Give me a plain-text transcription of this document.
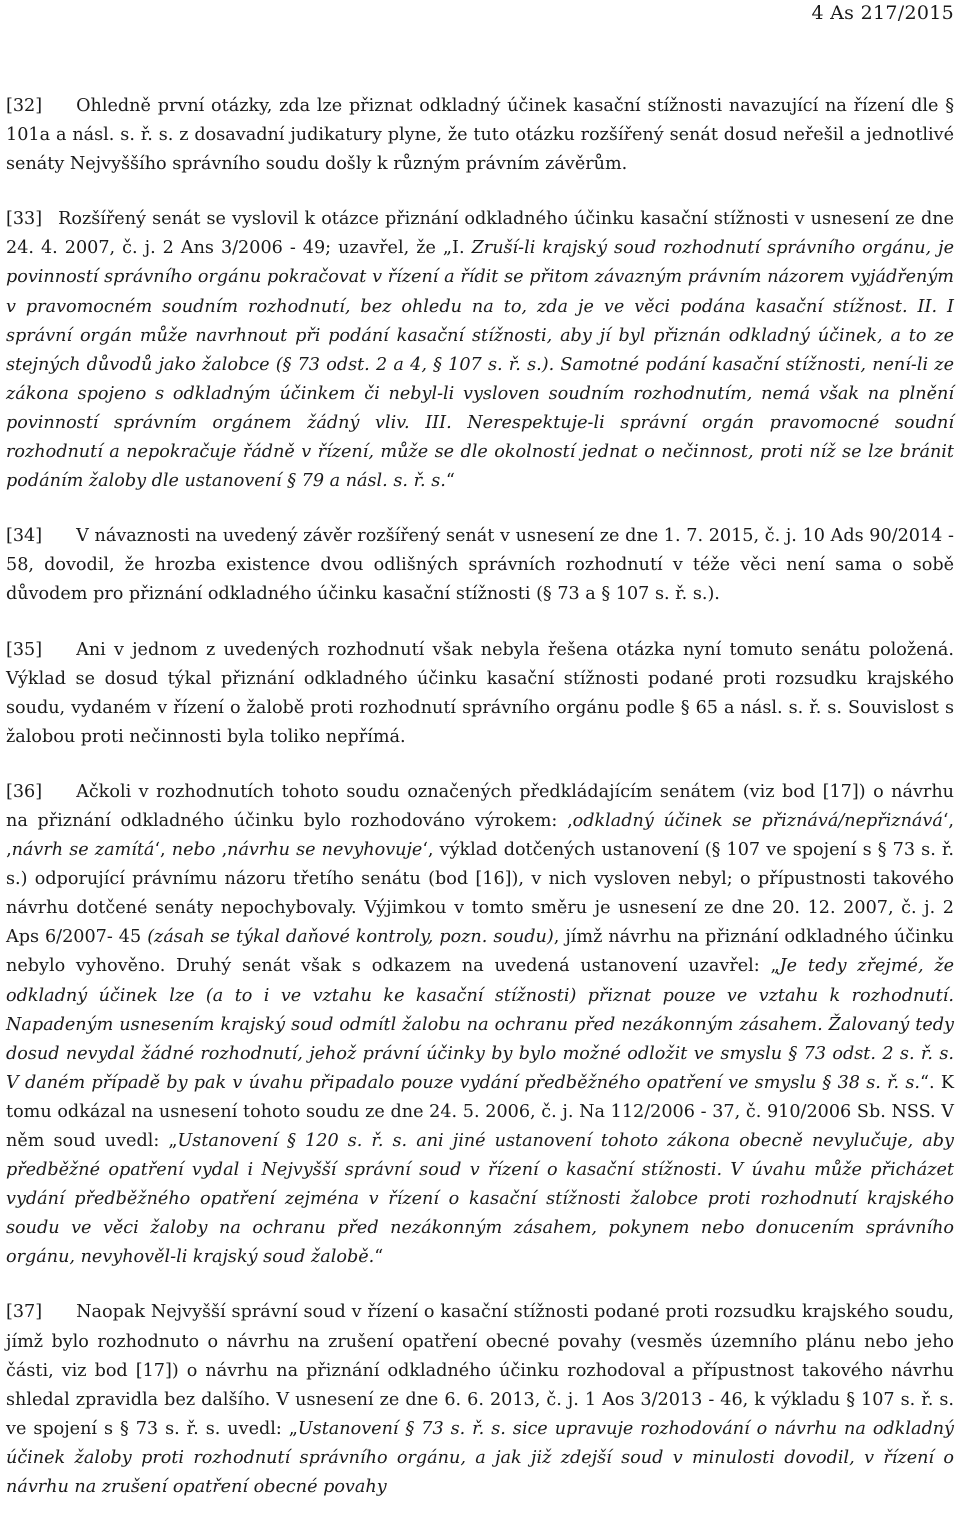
4 As 217/2015

[32] Ohledně první otázky, zda lze přiznat odkladný účinek kasační stížnosti navazující na řízení dle § 101a a násl. s. ř. s. z dosavadní judikatury plyne, že tuto otázku rozšířený senát dosud neřešil a jednotlivé senáty Nejvyššího správního soudu došly k různým právním závěrům.

[33] Rozšířený senát se vyslovil k otázce přiznání odkladného účinku kasační stížnosti v usnesení ze dne 24. 4. 2007, č. j. 2 Ans 3/2006 - 49; uzavřel, že „I. Zruší-li krajský soud rozhodnutí správního orgánu, je povinností správního orgánu pokračovat v řízení a řídit se přitom závazným právním názorem vyjádřeným v pravomocném soudním rozhodnutí, bez ohledu na to, zda je ve věci podána kasační stížnost. II. I správní orgán může navrhnout při podání kasační stížnosti, aby jí byl přiznán odkladný účinek, a to ze stejných důvodů jako žalobce (§ 73 odst. 2 a 4, § 107 s. ř. s.). Samotné podání kasační stížnosti, není-li ze zákona spojeno s odkladným účinkem či nebyl-li vysloven soudním rozhodnutím, nemá však na plnění povinností správním orgánem žádný vliv. III. Nerespektuje-li správní orgán pravomocné soudní rozhodnutí a nepokračuje řádně v řízení, může se dle okolností jednat o nečinnost, proti níž se lze bránit podáním žaloby dle ustanovení § 79 a násl. s. ř. s.“

[34] V návaznosti na uvedený závěr rozšířený senát v usnesení ze dne 1. 7. 2015, č. j. 10 Ads 90/2014 - 58, dovodil, že hrozba existence dvou odlišných správních rozhodnutí v téže věci není sama o sobě důvodem pro přiznání odkladného účinku kasační stížnosti (§ 73 a § 107 s. ř. s.).

[35] Ani v jednom z uvedených rozhodnutí však nebyla řešena otázka nyní tomuto senátu položená. Výklad se dosud týkal přiznání odkladného účinku kasační stížnosti podané proti rozsudku krajského soudu, vydaném v řízení o žalobě proti rozhodnutí správního orgánu podle § 65 a násl. s. ř. s. Souvislost s žalobou proti nečinnosti byla toliko nepřímá.

[36] Ačkoli v rozhodnutích tohoto soudu označených předkládajícím senátem (viz bod [17]) o návrhu na přiznání odkladného účinku bylo rozhodováno výrokem: ‚odkladný účinek se přiznává/nepřiznává‘, ‚návrh se zamítá‘, nebo ‚návrhu se nevyhovuje‘, výklad dotčených ustanovení (§ 107 ve spojení s § 73 s. ř. s.) odporující právnímu názoru třetího senátu (bod [16]), v nich vysloven nebyl; o přípustnosti takového návrhu dotčené senáty nepochybovaly. Výjimkou v tomto směru je usnesení ze dne 20. 12. 2007, č. j. 2 Aps 6/2007- 45 (zásah se týkal daňové kontroly, pozn. soudu), jímž návrhu na přiznání odkladného účinku nebylo vyhověno. Druhý senát však s odkazem na uvedená ustanovení uzavřel: „Je tedy zřejmé, že odkladný účinek lze (a to i ve vztahu ke kasační stížnosti) přiznat pouze ve vztahu k rozhodnutí. Napadeným usnesením krajský soud odmítl žalobu na ochranu před nezákonným zásahem. Žalovaný tedy dosud nevydal žádné rozhodnutí, jehož právní účinky by bylo možné odložit ve smyslu § 73 odst. 2 s. ř. s. V daném případě by pak v úvahu připadalo pouze vydání předběžného opatření ve smyslu § 38 s. ř. s.“. K tomu odkázal na usnesení tohoto soudu ze dne 24. 5. 2006, č. j. Na 112/2006 - 37, č. 910/2006 Sb. NSS. V něm soud uvedl: „Ustanovení § 120 s. ř. s. ani jiné ustanovení tohoto zákona obecně nevylučuje, aby předběžné opatření vydal i Nejvyšší správní soud v řízení o kasační stížnosti. V úvahu může přicházet vydání předběžného opatření zejména v řízení o kasační stížnosti žalobce proti rozhodnutí krajského soudu ve věci žaloby na ochranu před nezákonným zásahem, pokynem nebo donucením správního orgánu, nevyhověl-li krajský soud žalobě.“

[37] Naopak Nejvyšší správní soud v řízení o kasační stížnosti podané proti rozsudku krajského soudu, jímž bylo rozhodnuto o návrhu na zrušení opatření obecné povahy (vesměs územního plánu nebo jeho části, viz bod [17]) o návrhu na přiznání odkladného účinku rozhodoval a přípustnost takového návrhu shledal zpravidla bez dalšího. V usnesení ze dne 6. 6. 2013, č. j. 1 Aos 3/2013 - 46, k výkladu § 107 s. ř. s. ve spojení s § 73 s. ř. s. uvedl: „Ustanovení § 73 s. ř. s. sice upravuje rozhodování o návrhu na odkladný účinek žaloby proti rozhodnutí správního orgánu, a jak již zdejší soud v minulosti dovodil, v řízení o návrhu na zrušení opatření obecné povahy
